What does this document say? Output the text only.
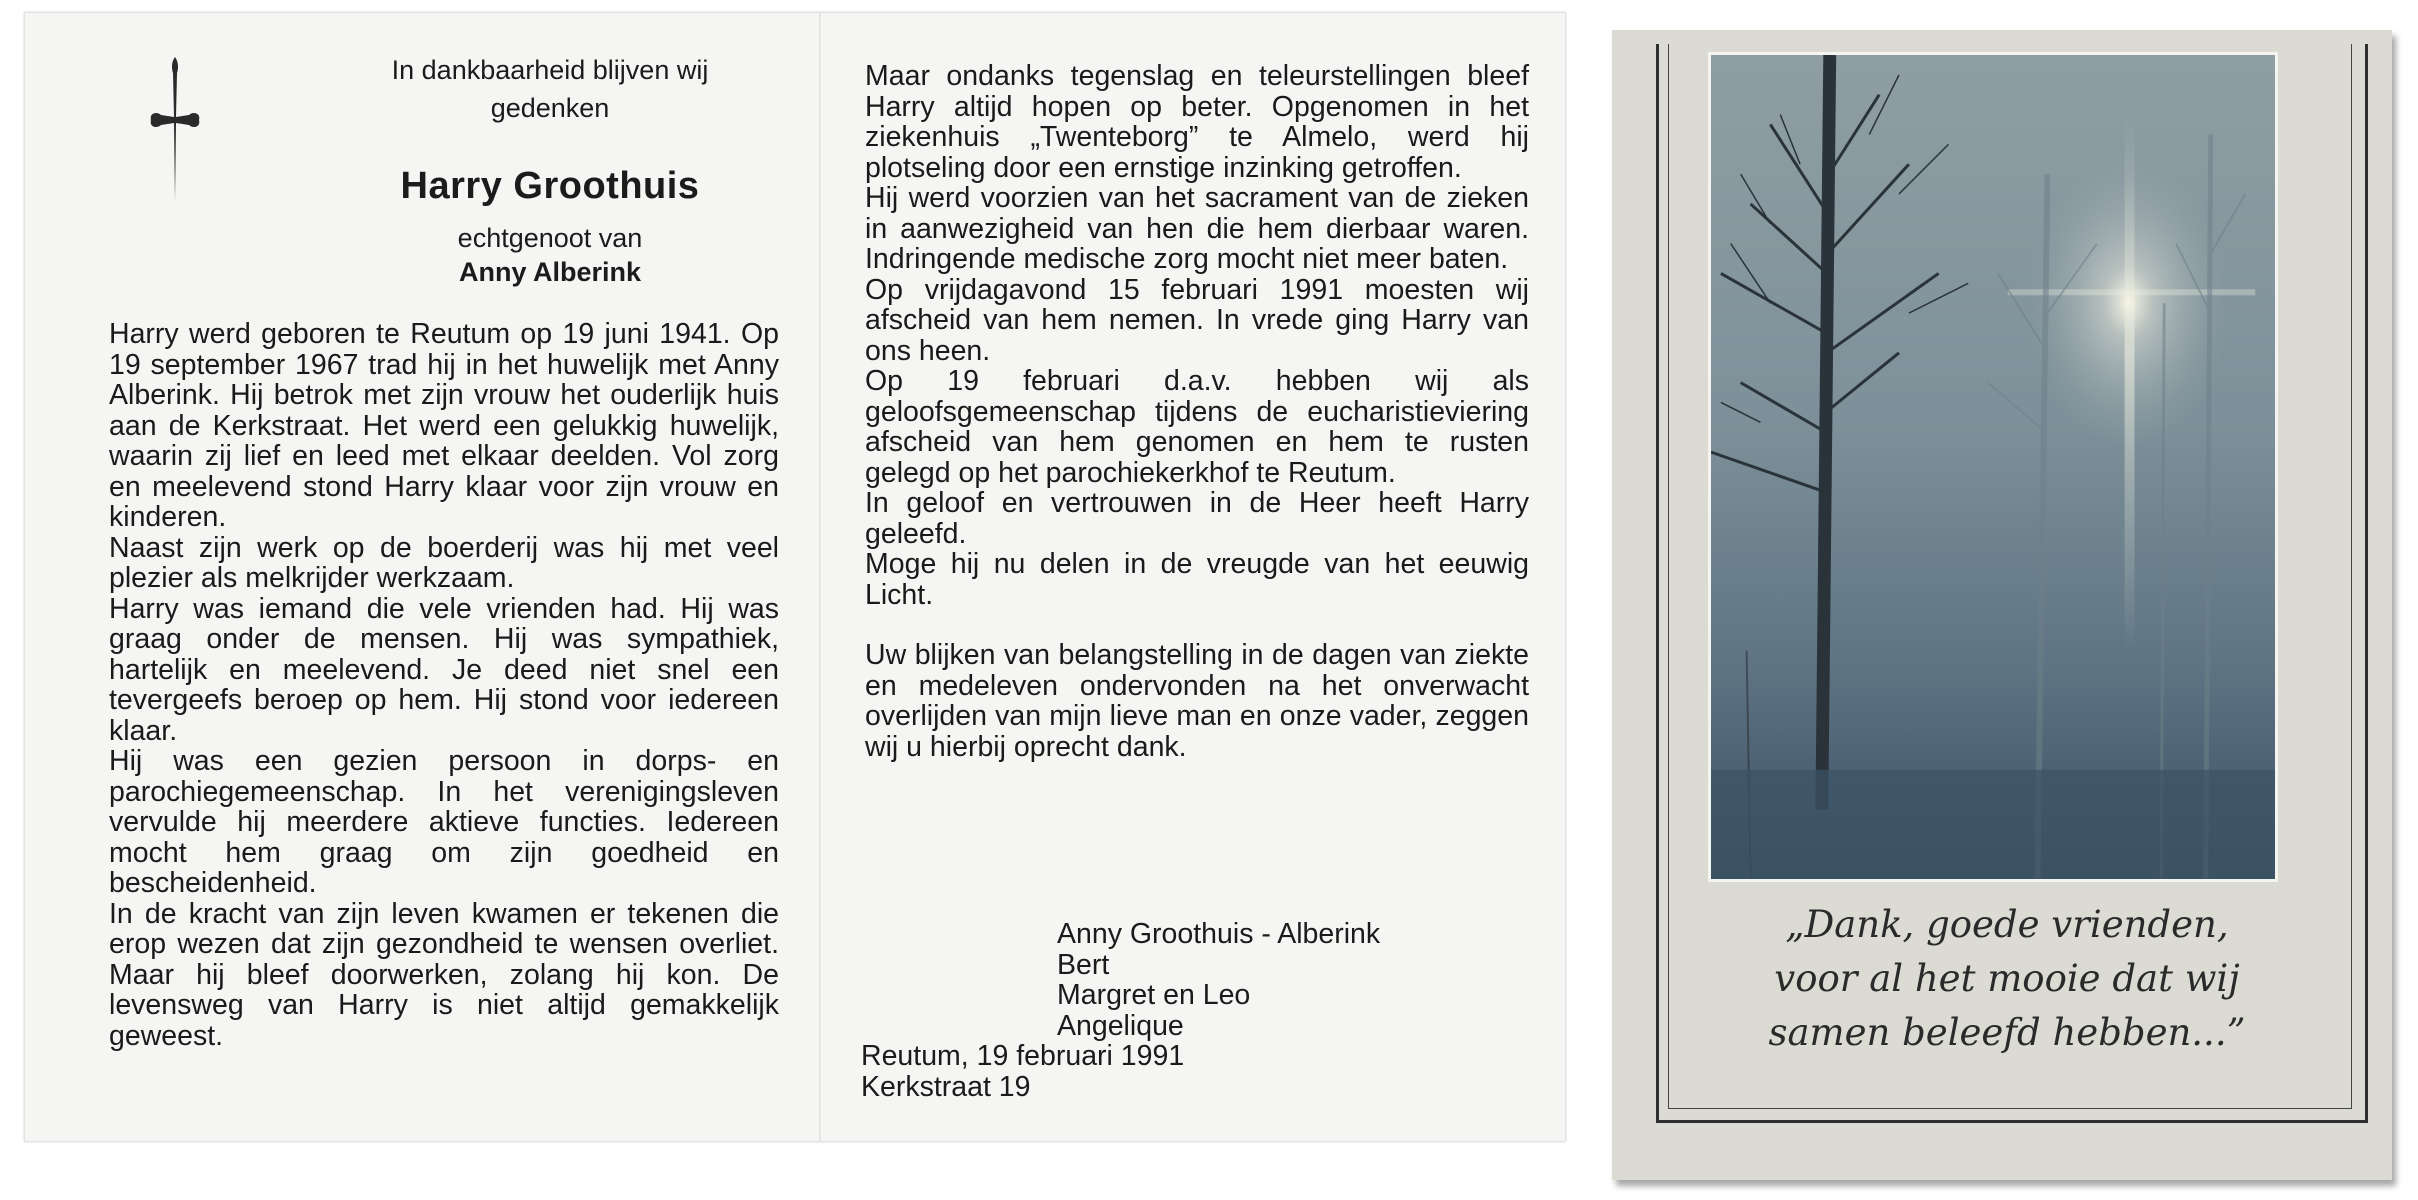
In dankbaarheid blijven wij
gedenken
Harry Groothuis
echtgenoot van
Anny Alberink

Harry werd geboren te Reutum op 19 juni 1941. Op 19 september 1967 trad hij in het huwelijk met Anny Alberink. Hij betrok met zijn vrouw het ouderlijk huis aan de Kerkstraat. Het werd een gelukkig huwelijk, waarin zij lief en leed met elkaar deelden. Vol zorg en meelevend stond Harry klaar voor zijn vrouw en kinderen.

Naast zijn werk op de boerderij was hij met veel plezier als melkrijder werkzaam.

Harry was iemand die vele vrienden had. Hij was graag onder de mensen. Hij was sympathiek, hartelijk en meelevend. Je deed niet snel een tevergeefs beroep op hem. Hij stond voor iedereen klaar.

Hij was een gezien persoon in dorps- en parochiegemeenschap. In het verenigingsleven vervulde hij meerdere aktieve functies. Iedereen mocht hem graag om zijn goedheid en bescheidenheid.

In de kracht van zijn leven kwamen er tekenen die erop wezen dat zijn gezondheid te wensen overliet. Maar hij bleef doorwerken, zolang hij kon. De levensweg van Harry is niet altijd gemakkelijk geweest.

Maar ondanks tegenslag en teleurstellingen bleef Harry altijd hopen op beter. Opgenomen in het ziekenhuis „Twenteborg” te Almelo, werd hij plotseling door een ernstige inzinking getroffen.

Hij werd voorzien van het sacrament van de zieken in aanwezigheid van hen die hem dierbaar waren. Indringende medische zorg mocht niet meer baten.

Op vrijdagavond 15 februari 1991 moesten wij afscheid van hem nemen. In vrede ging Harry van ons heen.

Op 19 februari d.a.v. hebben wij als geloofsgemeenschap tijdens de eucharistieviering afscheid van hem genomen en hem te rusten gelegd op het parochiekerkhof te Reutum.

In geloof en vertrouwen in de Heer heeft Harry geleefd.

Moge hij nu delen in de vreugde van het eeuwig Licht.

Uw blijken van belangstelling in de dagen van ziekte en medeleven ondervonden na het onverwacht overlijden van mijn lieve man en onze vader, zeggen wij u hierbij oprecht dank.

Anny Groothuis - Alberink
Bert
Margret en Leo
Angelique
Reutum, 19 februari 1991
Kerkstraat 19
„Dank, goede vrienden,
voor al het mooie dat wij
samen beleefd hebben...”
